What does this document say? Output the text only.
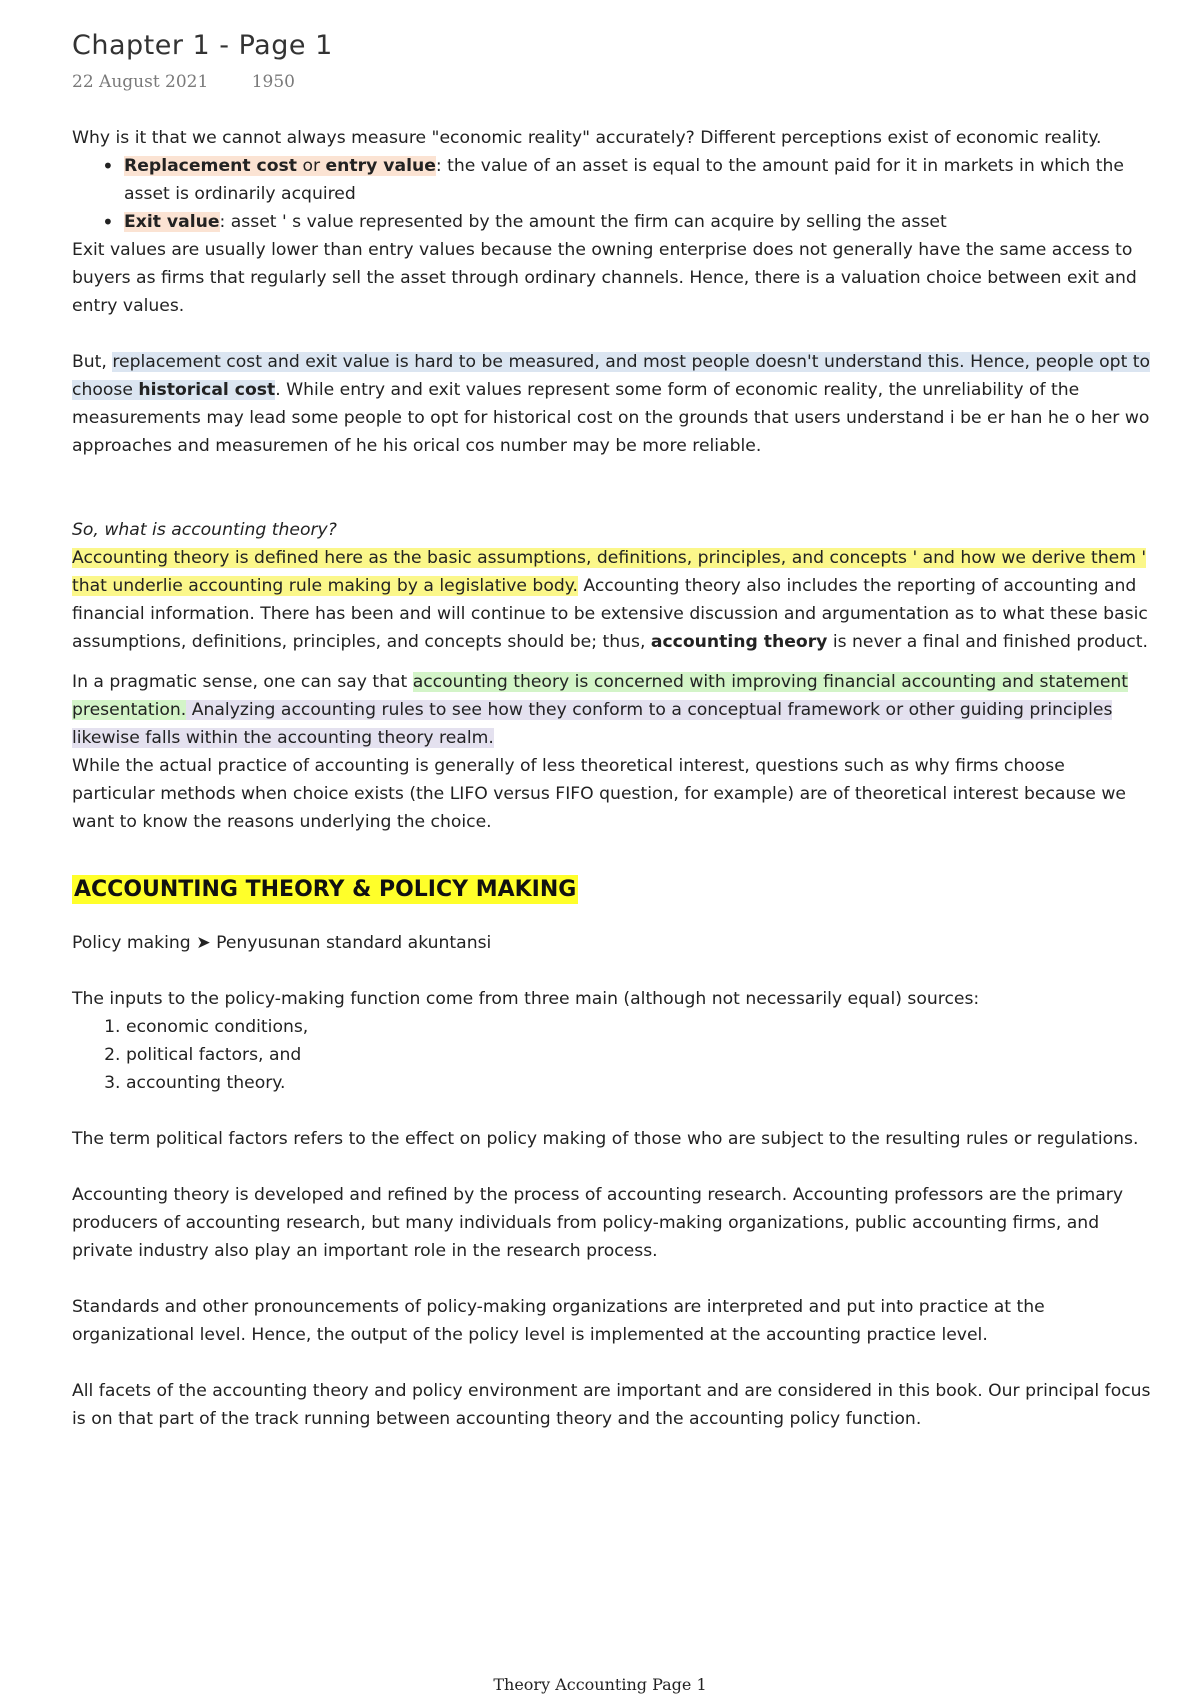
Chapter 1 - Page 1
22 August 2021	1950

Why is it that we cannot always measure "economic reality" accurately? Different perceptions exist of economic reality.

• Replacement cost or entry value: the value of an asset is equal to the amount paid for it in markets in which the asset is ordinarily acquired
• Exit value: asset ' s value represented by the amount the firm can acquire by selling the asset

Exit values are usually lower than entry values because the owning enterprise does not generally have the same access to buyers as firms that regularly sell the asset through ordinary channels. Hence, there is a valuation choice between exit and entry values.

But, replacement cost and exit value is hard to be measured, and most people doesn't understand this. Hence, people opt to choose historical cost. While entry and exit values represent some form of economic reality, the unreliability of the measurements may lead some people to opt for historical cost on the grounds that users understand i be er han he o her wo approaches and measuremen of he his orical cos number may be more reliable.

So, what is accounting theory?

Accounting theory is defined here as the basic assumptions, definitions, principles, and concepts ' and how we derive them ' that underlie accounting rule making by a legislative body. Accounting theory also includes the reporting of accounting and financial information. There has been and will continue to be extensive discussion and argumentation as to what these basic assumptions, definitions, principles, and concepts should be; thus, accounting theory is never a final and finished product.

In a pragmatic sense, one can say that accounting theory is concerned with improving financial accounting and statement presentation. Analyzing accounting rules to see how they conform to a conceptual framework or other guiding principles likewise falls within the accounting theory realm.

While the actual practice of accounting is generally of less theoretical interest, questions such as why firms choose particular methods when choice exists (the LIFO versus FIFO question, for example) are of theoretical interest because we want to know the reasons underlying the choice.

ACCOUNTING THEORY & POLICY MAKING

Policy making ➤ Penyusunan standard akuntansi

The inputs to the policy-making function come from three main (although not necessarily equal) sources:

1. economic conditions,
2. political factors, and
3. accounting theory.

The term political factors refers to the effect on policy making of those who are subject to the resulting rules or regulations.

Accounting theory is developed and refined by the process of accounting research. Accounting professors are the primary producers of accounting research, but many individuals from policy-making organizations, public accounting firms, and private industry also play an important role in the research process.

Standards and other pronouncements of policy-making organizations are interpreted and put into practice at the organizational level. Hence, the output of the policy level is implemented at the accounting practice level.

All facets of the accounting theory and policy environment are important and are considered in this book. Our principal focus is on that part of the track running between accounting theory and the accounting policy function.

Theory Accounting Page 1
